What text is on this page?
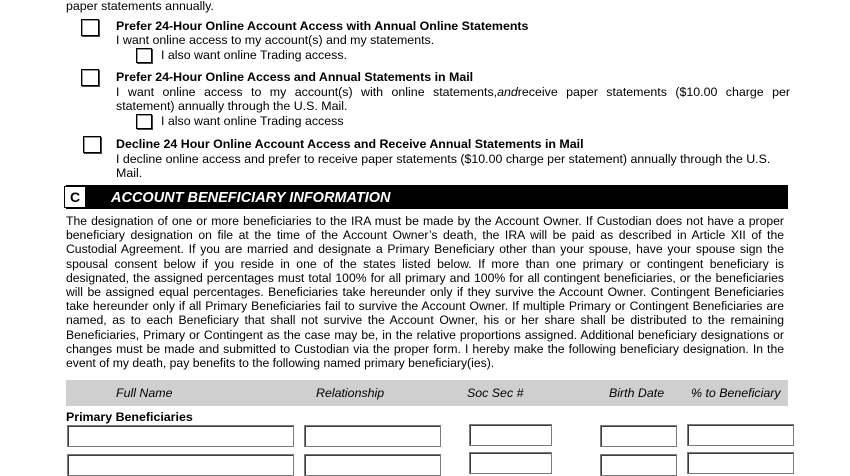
paper statements annually.
Prefer 24-Hour Online Account Access with Annual Online Statements
I want online access to my account(s) and my statements.
I also want online Trading access.
Prefer 24-Hour Online Access and Annual Statements in Mail
I want online access to my account(s) with online statements, and receive paper statements ($10.00 charge per
statement) annually through the U.S. Mail.
I also want online Trading access
Decline 24 Hour Online Account Access and Receive Annual Statements in Mail
I decline online access and prefer to receive paper statements ($10.00 charge per statement) annually through the U.S.
Mail.
C	ACCOUNT BENEFICIARY INFORMATION
The designation of one or more beneficiaries to the IRA must be made by the Account Owner. If Custodian does not have a proper beneficiary designation on file at the time of the Account Owner’s death, the IRA will be paid as described in Article XII of the Custodial Agreement. If you are married and designate a Primary Beneficiary other than your spouse, have your spouse sign the spousal consent below if you reside in one of the states listed below. If more than one primary or contingent beneficiary is designated, the assigned percentages must total 100% for all primary and 100% for all contingent beneficiaries, or the beneficiaries will be assigned equal percentages. Beneficiaries take hereunder only if they survive the Account Owner. Contingent Beneficiaries take hereunder only if all Primary Beneficiaries fail to survive the Account Owner. If multiple Primary or Contingent Beneficiaries are named, as to each Beneficiary that shall not survive the Account Owner, his or her share shall be distributed to the remaining Beneficiaries, Primary or Contingent as the case may be, in the relative proportions assigned. Additional beneficiary designations or changes must be made and submitted to Custodian via the proper form. I hereby make the following beneficiary designation. In the event of my death, pay benefits to the following named primary beneficiary(ies).
Full Name	Relationship	Soc Sec #	Birth Date % to Beneficiary
Primary Beneficiaries
